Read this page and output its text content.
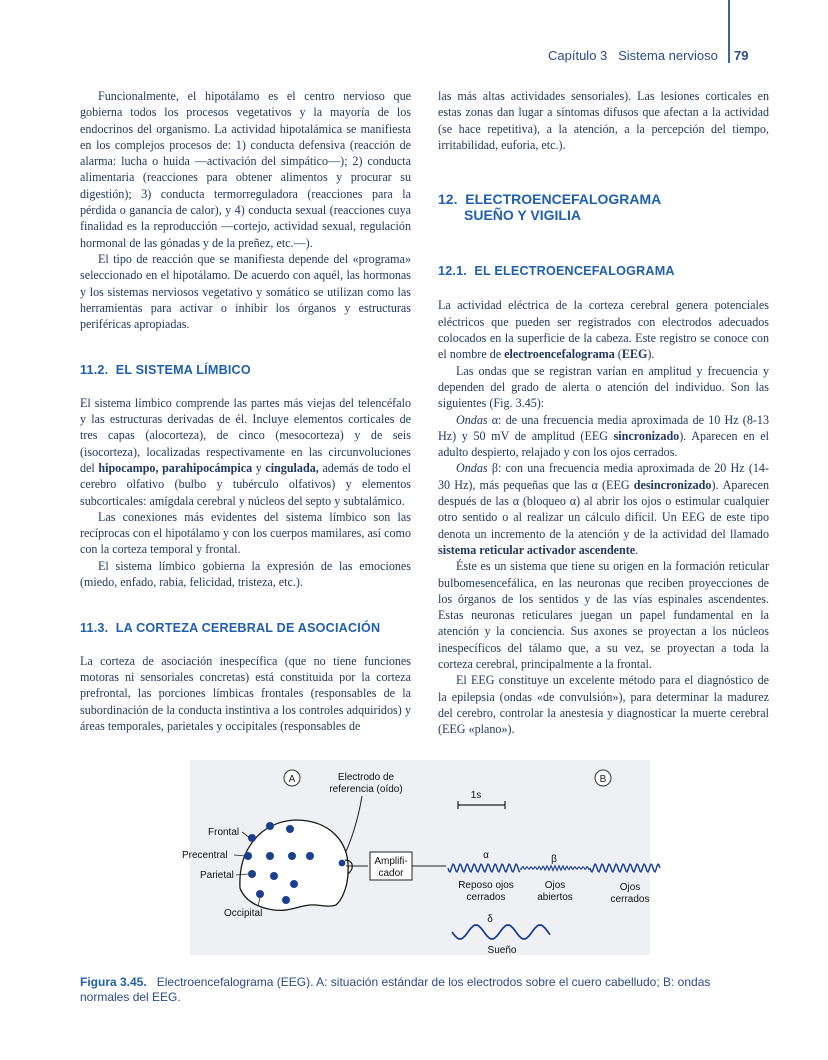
Capítulo 3   Sistema nervioso 79

Funcionalmente, el hipotálamo es el centro nervioso que gobierna todos los procesos vegetativos y la mayoría de los endocrinos del organismo. La actividad hipotalámica se manifiesta en los complejos procesos de: 1) conducta defensiva (reacción de alarma: lucha o huida —activación del simpático—); 2) conducta alimentaria (reacciones para obtener alimentos y procurar su digestión); 3) conducta termorreguladora (reacciones para la pérdida o ganancia de calor), y 4) conducta sexual (reacciones cuya finalidad es la reproducción —cortejo, actividad sexual, regulación hormonal de las gónadas y de la preñez, etc.—).

El tipo de reacción que se manifiesta depende del «programa» seleccionado en el hipotálamo. De acuerdo con aquél, las hormonas y los sistemas nerviosos vegetativo y somático se utilizan como las herramientas para activar o inhibir los órganos y estructuras periféricas apropiadas.

11.2.  EL SISTEMA LÍMBICO

El sistema límbico comprende las partes más viejas del telencéfalo y las estructuras derivadas de él. Incluye elementos corticales de tres capas (alocorteza), de cinco (mesocorteza) y de seis (isocorteza), localizadas respectivamente en las circunvoluciones del hipocampo, parahipocámpica y cingulada, además de todo el cerebro olfativo (bulbo y tubérculo olfativos) y elementos subcorticales: amígdala cerebral y núcleos del septo y subtalámico.

Las conexiones más evidentes del sistema límbico son las recíprocas con el hipotálamo y con los cuerpos mamilares, así como con la corteza temporal y frontal.

El sistema límbico gobierna la expresión de las emociones (miedo, enfado, rabia, felicidad, tristeza, etc.).

11.3.  LA CORTEZA CEREBRAL DE ASOCIACIÓN

La corteza de asociación inespecífica (que no tiene funciones motoras ni sensoriales concretas) está constituida por la corteza prefrontal, las porciones límbicas frontales (responsables de la subordinación de la conducta instintiva a los controles adquiridos) y áreas temporales, parietales y occipitales (responsables de

las más altas actividades sensoriales). Las lesiones corticales en estas zonas dan lugar a síntomas difusos que afectan a la actividad (se hace repetitiva), a la atención, a la percepción del tiempo, irritabilidad, euforia, etc.).

12.  ELECTROENCEFALOGRAMA
SUEÑO Y VIGILIA
12.1.  EL ELECTROENCEFALOGRAMA

La actividad eléctrica de la corteza cerebral genera potenciales eléctricos que pueden ser registrados con electrodos adecuados colocados en la superficie de la cabeza. Este registro se conoce con el nombre de electroencefalograma (EEG).

Las ondas que se registran varían en amplitud y frecuencia y dependen del grado de alerta o atención del individuo. Son las siguientes (Fig. 3.45):

Ondas α: de una frecuencia media aproximada de 10 Hz (8-13 Hz) y 50 mV de amplitud (EEG sincronizado). Aparecen en el adulto despierto, relajado y con los ojos cerrados.

Ondas β: con una frecuencia media aproximada de 20 Hz (14-30 Hz), más pequeñas que las α (EEG desincronizado). Aparecen después de las α (bloqueo α) al abrir los ojos o estimular cualquier otro sentido o al realizar un cálculo difícil. Un EEG de este tipo denota un incremento de la atención y de la actividad del llamado sistema reticular activador ascendente.

Éste es un sistema que tiene su origen en la formación reticular bulbomesencefálica, en las neuronas que reciben proyecciones de los órganos de los sentidos y de las vías espinales ascendentes. Estas neuronas reticulares juegan un papel fundamental en la atención y la conciencia. Sus axones se proyectan a los núcleos inespecíficos del tálamo que, a su vez, se proyectan a toda la corteza cerebral, principalmente a la frontal.

El EEG constituye un excelente método para el diagnóstico de la epilepsia (ondas «de convulsión»), para determinar la madurez del cerebro, controlar la anestesia y diagnosticar la muerte cerebral (EEG «plano»).

A	B
Electrodo de
referencia (oído)
Frontal
Precentral
Parietal
Occipital
Amplifi-
cador
1s
α	β
δ
Reposo ojos
cerrados
Ojos
abiertos
Ojos
cerrados
Sueño
Figura 3.45. Electroencefalograma (EEG). A: situación estándar de los electrodos sobre el cuero cabelludo; B: ondas normales del EEG.
